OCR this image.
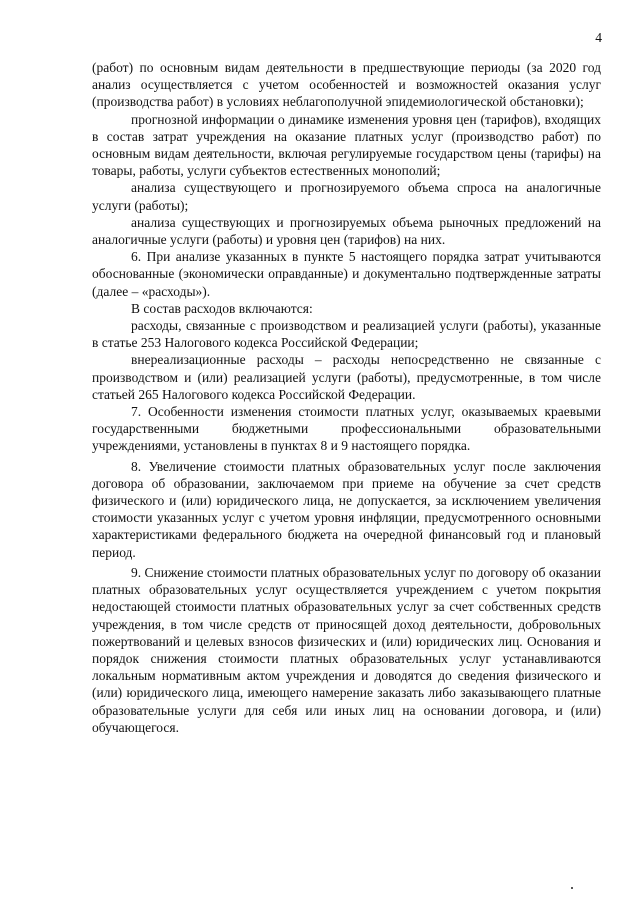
4

(работ) по основным видам деятельности в предшествующие периоды (за 2020 год анализ осуществляется с учетом особенностей и возможностей оказания услуг (производства работ) в условиях неблагополучной эпидемиологической обстановки);

прогнозной информации о динамике изменения уровня цен (тарифов), входящих в состав затрат учреждения на оказание платных услуг (производство работ) по основным видам деятельности, включая регулируемые государством цены (тарифы) на товары, работы, услуги субъектов естественных монополий;

анализа существующего и прогнозируемого объема спроса на аналогичные услуги (работы);

анализа существующих и прогнозируемых объема рыночных предложений на аналогичные услуги (работы) и уровня цен (тарифов) на них.

6. При анализе указанных в пункте 5 настоящего порядка затрат учитываются обоснованные (экономически оправданные) и документально подтвержденные затраты (далее – «расходы»).

В состав расходов включаются:

расходы, связанные с производством и реализацией услуги (работы), указанные в статье 253 Налогового кодекса Российской Федерации;

внереализационные расходы – расходы непосредственно не связанные с производством и (или) реализацией услуги (работы), предусмотренные, в том числе статьей 265 Налогового кодекса Российской Федерации.

7. Особенности изменения стоимости платных услуг, оказываемых краевыми государственными бюджетными профессиональными образовательными учреждениями, установлены в пунктах 8 и 9 настоящего порядка.

8. Увеличение стоимости платных образовательных услуг после заключения договора об образовании, заключаемом при приеме на обучение за счет средств физического и (или) юридического лица, не допускается, за исключением увеличения стоимости указанных услуг с учетом уровня инфляции, предусмотренного основными характеристиками федерального бюджета на очередной финансовый год и плановый период.

9. Снижение стоимости платных образовательных услуг по договору об оказании платных образовательных услуг осуществляется учреждением с учетом покрытия недостающей стоимости платных образовательных услуг за счет собственных средств учреждения, в том числе средств от приносящей доход деятельности, добровольных пожертвований и целевых взносов физических и (или) юридических лиц. Основания и порядок снижения стоимости платных образовательных услуг устанавливаются локальным нормативным актом учреждения и доводятся до сведения физического и (или) юридического лица, имеющего намерение заказать либо заказывающего платные образовательные услуги для себя или иных лиц на основании договора, и (или) обучающегося.
